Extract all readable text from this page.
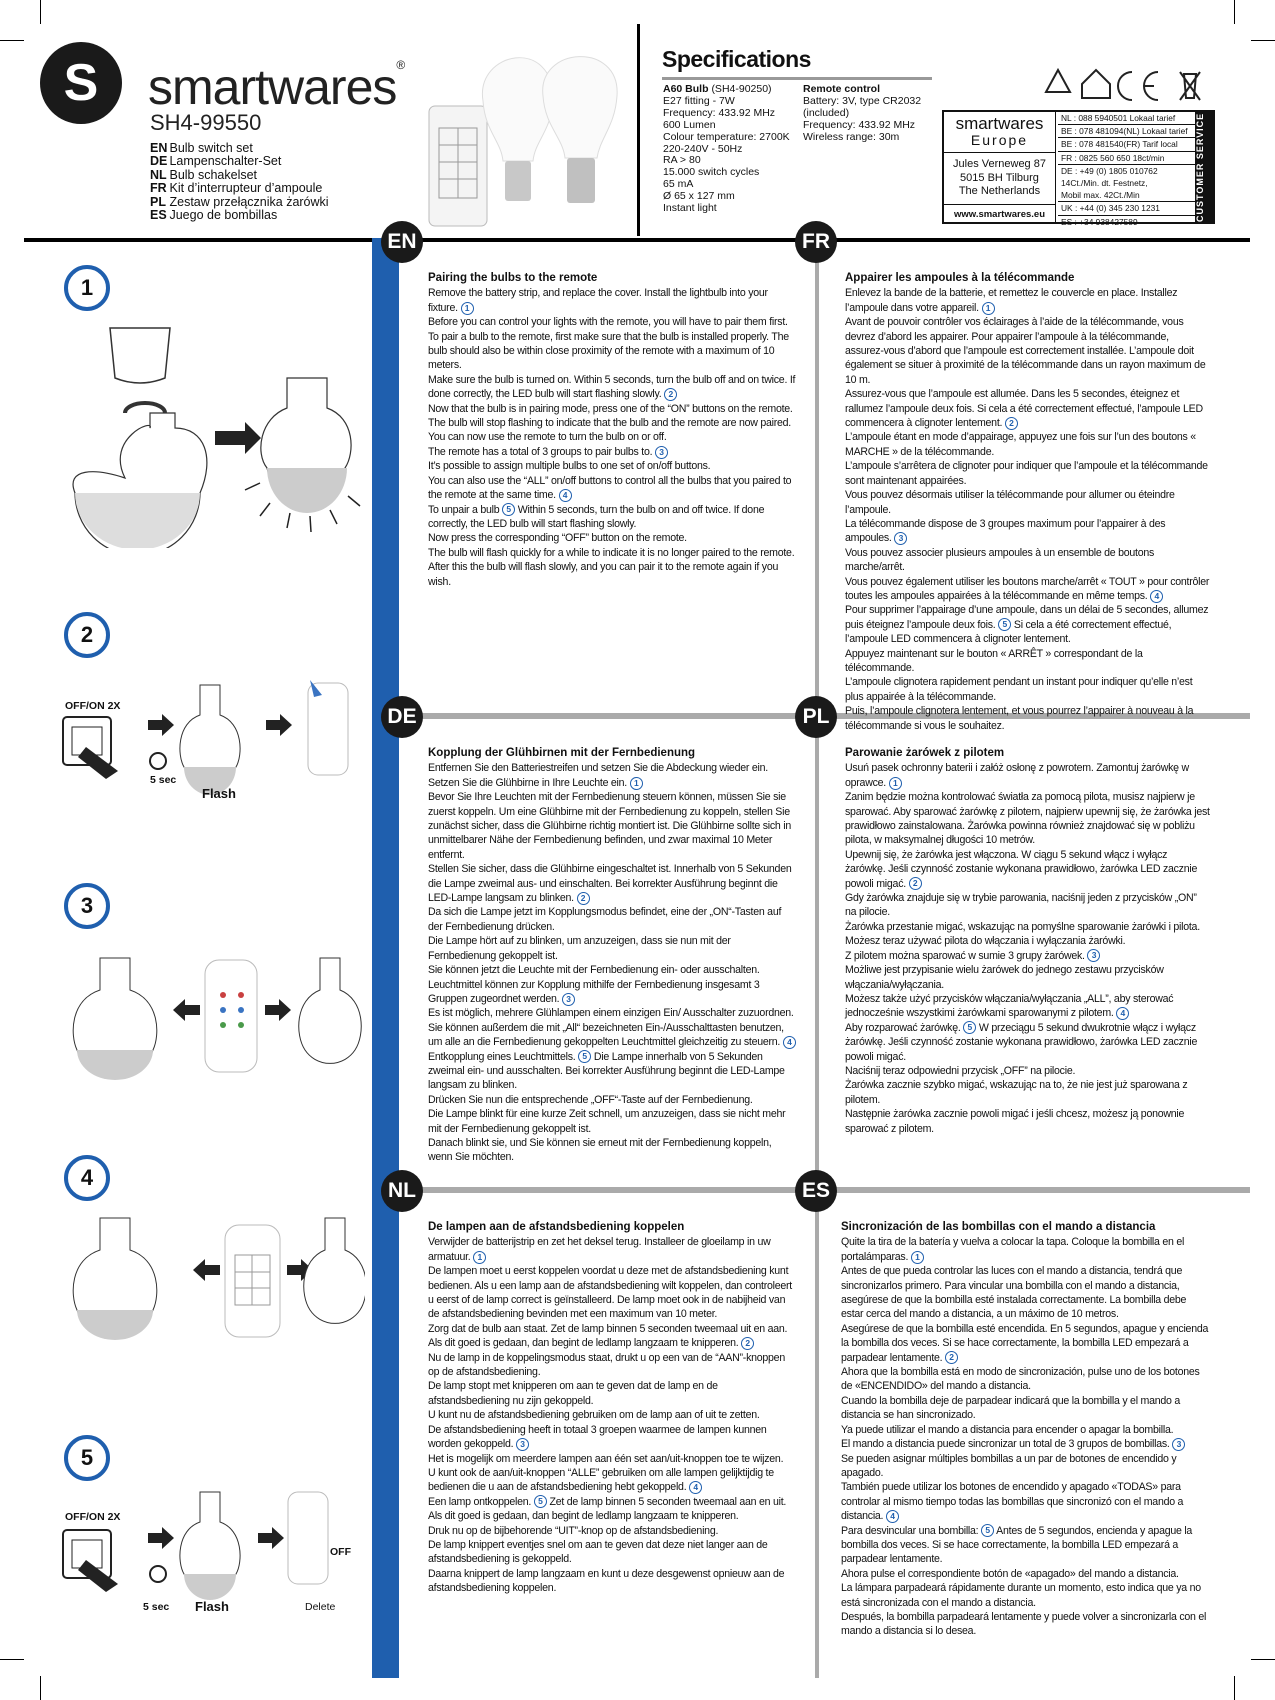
S smartwares®
SH4-99550
EN Bulb switch set
DE Lampenschalter-Set
NL Bulb schakelset
FR Kit d’interrupteur d’ampoule
PL Zestaw przełącznika żarówki
ES Juego de bombillas
Specifications
A60 Bulb (SH4-90250)
E27 fitting - 7W
Frequency: 433.92 MHz
600 Lumen
Colour temperature: 2700K
220-240V - 50Hz
RA > 80
15.000 switch cycles
65 mA
Ø 65 x 127 mm
Instant light
Remote control
Battery: 3V, type CR2032
(included)
Frequency: 433.92 MHz
Wireless range: 30m
smartwares
Europe
Jules Verneweg 87
5015 BH Tilburg
The Netherlands
www.smartwares.eu
NL : 088 5940501 Lokaal tarief
BE : 078 481094(NL) Lokaal tarief
BE : 078 481540(FR) Tarif local
FR : 0825 560 650 18ct/min
DE : +49 (0) 1805 010762
14Ct./Min. dt. Festnetz,
Mobil max. 42Ct./Min
UK : +44 (0) 345 230 1231
ES : +34 938427589
CUSTOMER SERVICE
EN	FR
DE	PL
NL	ES
Pairing the bulbs to the remote

Remove the battery strip, and replace the cover. Install the lightbulb into your fixture. 1

Before you can control your lights with the remote, you will have to pair them first. To pair a bulb to the remote, first make sure that the bulb is installed properly. The bulb should also be within close proximity of the remote with a maximum of 10 meters.

Make sure the bulb is turned on. Within 5 seconds, turn the bulb off and on twice. If done correctly, the LED bulb will start flashing slowly. 2

Now that the bulb is in pairing mode, press one of the “ON” buttons on the remote.

The bulb will stop flashing to indicate that the bulb and the remote are now paired.

You can now use the remote to turn the bulb on or off.

The remote has a total of 3 groups to pair bulbs to. 3

It’s possible to assign multiple bulbs to one set of on/off buttons.

You can also use the “ALL” on/off buttons to control all the bulbs that you paired to the remote at the same time. 4

To unpair a bulb 5 Within 5 seconds, turn the bulb on and off twice. If done correctly, the LED bulb will start flashing slowly.

Now press the corresponding “OFF” button on the remote.

The bulb will flash quickly for a while to indicate it is no longer paired to the remote.

After this the bulb will flash slowly, and you can pair it to the remote again if you wish.

Appairer les ampoules à la télécommande

Enlevez la bande de la batterie, et remettez le couvercle en place. Installez l’ampoule dans votre appareil. 1

Avant de pouvoir contrôler vos éclairages à l’aide de la télécommande, vous devrez d’abord les appairer. Pour appairer l’ampoule à la télécommande, assurez-vous d’abord que l’ampoule est correctement installée. L’ampoule doit également se situer à proximité de la télécommande dans un rayon maximum de 10 m.

Assurez-vous que l’ampoule est allumée. Dans les 5 secondes, éteignez et rallumez l’ampoule deux fois. Si cela a été correctement effectué, l’ampoule LED commencera à clignoter lentement. 2

L’ampoule étant en mode d’appairage, appuyez une fois sur l’un des boutons « MARCHE » de la télécommande.

L’ampoule s’arrêtera de clignoter pour indiquer que l’ampoule et la télécommande sont maintenant appairées.

Vous pouvez désormais utiliser la télécommande pour allumer ou éteindre l’ampoule.

La télécommande dispose de 3 groupes maximum pour l’appairer à des ampoules. 3

Vous pouvez associer plusieurs ampoules à un ensemble de boutons marche/arrêt.

Vous pouvez également utiliser les boutons marche/arrêt « TOUT » pour contrôler toutes les ampoules appairées à la télécommande en même temps. 4

Pour supprimer l’appairage d’une ampoule, dans un délai de 5 secondes, allumez puis éteignez l’ampoule deux fois. 5 Si cela a été correctement effectué, l’ampoule LED commencera à clignoter lentement.

Appuyez maintenant sur le bouton « ARRÊT » correspondant de la télécommande.

L’ampoule clignotera rapidement pendant un instant pour indiquer qu’elle n’est plus appairée à la télécommande.

Puis, l’ampoule clignotera lentement, et vous pourrez l’appairer à nouveau à la télécommande si vous le souhaitez.

Kopplung der Glühbirnen mit der Fernbedienung

Entfernen Sie den Batteriestreifen und setzen Sie die Abdeckung wieder ein. Setzen Sie die Glühbirne in Ihre Leuchte ein. 1

Bevor Sie Ihre Leuchten mit der Fernbedienung steuern können, müssen Sie sie zuerst koppeln. Um eine Glühbirne mit der Fernbedienung zu koppeln, stellen Sie zunächst sicher, dass die Glühbirne richtig montiert ist. Die Glühbirne sollte sich in unmittelbarer Nähe der Fernbedienung befinden, und zwar maximal 10 Meter entfernt.

Stellen Sie sicher, dass die Glühbirne eingeschaltet ist. Innerhalb von 5 Sekunden die Lampe zweimal aus- und einschalten. Bei korrekter Ausführung beginnt die LED-Lampe langsam zu blinken. 2

Da sich die Lampe jetzt im Kopplungsmodus befindet, eine der „ON“-Tasten auf der Fernbedienung drücken.

Die Lampe hört auf zu blinken, um anzuzeigen, dass sie nun mit der Fernbedienung gekoppelt ist.

Sie können jetzt die Leuchte mit der Fernbedienung ein- oder ausschalten.

Leuchtmittel können zur Kopplung mithilfe der Fernbedienung insgesamt 3 Gruppen zugeordnet werden. 3

Es ist möglich, mehrere Glühlampen einem einzigen Ein/ Ausschalter zuzuordnen.

Sie können außerdem die mit „All“ bezeichneten Ein-/Ausschalttasten benutzen, um alle an die Fernbedienung gekoppelten Leuchtmittel gleichzeitig zu steuern. 4

Entkopplung eines Leuchtmittels. 5 Die Lampe innerhalb von 5 Sekunden zweimal ein- und ausschalten. Bei korrekter Ausführung beginnt die LED-Lampe langsam zu blinken.

Drücken Sie nun die entsprechende „OFF“-Taste auf der Fernbedienung.

Die Lampe blinkt für eine kurze Zeit schnell, um anzuzeigen, dass sie nicht mehr mit der Fernbedienung gekoppelt ist.

Danach blinkt sie, und Sie können sie erneut mit der Fernbedienung koppeln, wenn Sie möchten.

Parowanie żarówek z pilotem

Usuń pasek ochronny baterii i załóż osłonę z powrotem. Zamontuj żarówkę w oprawce. 1

Zanim będzie można kontrolować światła za pomocą pilota, musisz najpierw je sparować. Aby sparować żarówkę z pilotem, najpierw upewnij się, że żarówka jest prawidłowo zainstalowana. Żarówka powinna również znajdować się w pobliżu pilota, w maksymalnej długości 10 metrów.

Upewnij się, że żarówka jest włączona. W ciągu 5 sekund włącz i wyłącz żarówkę. Jeśli czynność zostanie wykonana prawidłowo, żarówka LED zacznie powoli migać. 2

Gdy żarówka znajduje się w trybie parowania, naciśnij jeden z przycisków „ON” na pilocie.

Żarówka przestanie migać, wskazując na pomyślne sparowanie żarówki i pilota.

Możesz teraz używać pilota do włączania i wyłączania żarówki.

Z pilotem można sparować w sumie 3 grupy żarówek. 3

Możliwe jest przypisanie wielu żarówek do jednego zestawu przycisków włączania/wyłączania.

Możesz także użyć przycisków włączania/wyłączania „ALL”, aby sterować jednocześnie wszystkimi żarówkami sparowanymi z pilotem. 4

Aby rozparować żarówkę. 5 W przeciągu 5 sekund dwukrotnie włącz i wyłącz żarówkę. Jeśli czynność zostanie wykonana prawidłowo, żarówka LED zacznie powoli migać.

Naciśnij teraz odpowiedni przycisk „OFF” na pilocie.

Żarówka zacznie szybko migać, wskazując na to, że nie jest już sparowana z pilotem.

Następnie żarówka zacznie powoli migać i jeśli chcesz, możesz ją ponownie sparować z pilotem.

De lampen aan de afstandsbediening koppelen

Verwijder de batterijstrip en zet het deksel terug. Installeer de gloeilamp in uw armatuur. 1

De lampen moet u eerst koppelen voordat u deze met de afstandsbediening kunt bedienen. Als u een lamp aan de afstandsbediening wilt koppelen, dan controleert u eerst of de lamp correct is geïnstalleerd. De lamp moet ook in de nabijheid van de afstandsbediening bevinden met een maximum van 10 meter.

Zorg dat de bulb aan staat. Zet de lamp binnen 5 seconden tweemaal uit en aan. Als dit goed is gedaan, dan begint de ledlamp langzaam te knipperen. 2

Nu de lamp in de koppelingsmodus staat, drukt u op een van de “AAN”-knoppen op de afstandsbediening.

De lamp stopt met knipperen om aan te geven dat de lamp en de afstandsbediening nu zijn gekoppeld.

U kunt nu de afstandsbediening gebruiken om de lamp aan of uit te zetten.

De afstandsbediening heeft in totaal 3 groepen waarmee de lampen kunnen worden gekoppeld. 3

Het is mogelijk om meerdere lampen aan één set aan/uit-knoppen toe te wijzen.

U kunt ook de aan/uit-knoppen “ALLE” gebruiken om alle lampen gelijktijdig te bedienen die u aan de afstandsbediening hebt gekoppeld. 4

Een lamp ontkoppelen. 5 Zet de lamp binnen 5 seconden tweemaal aan en uit. Als dit goed is gedaan, dan begint de ledlamp langzaam te knipperen.

Druk nu op de bijbehorende “UIT”-knop op de afstandsbediening.

De lamp knippert eventjes snel om aan te geven dat deze niet langer aan de afstandsbediening is gekoppeld.

Daarna knippert de lamp langzaam en kunt u deze desgewenst opnieuw aan de afstandsbediening koppelen.

Sincronización de las bombillas con el mando a distancia

Quite la tira de la batería y vuelva a colocar la tapa. Coloque la bombilla en el portalámparas. 1

Antes de que pueda controlar las luces con el mando a distancia, tendrá que sincronizarlos primero. Para vincular una bombilla con el mando a distancia, asegúrese de que la bombilla esté instalada correctamente. La bombilla debe estar cerca del mando a distancia, a un máximo de 10 metros.

Asegúrese de que la bombilla esté encendida. En 5 segundos, apague y encienda la bombilla dos veces. Si se hace correctamente, la bombilla LED empezará a parpadear lentamente. 2

Ahora que la bombilla está en modo de sincronización, pulse uno de los botones de «ENCENDIDO» del mando a distancia.

Cuando la bombilla deje de parpadear indicará que la bombilla y el mando a distancia se han sincronizado.

Ya puede utilizar el mando a distancia para encender o apagar la bombilla.

El mando a distancia puede sincronizar un total de 3 grupos de bombillas. 3

Se pueden asignar múltiples bombillas a un par de botones de encendido y apagado.

También puede utilizar los botones de encendido y apagado «TODAS» para controlar al mismo tiempo todas las bombillas que sincronizó con el mando a distancia. 4

Para desvincular una bombilla: 5 Antes de 5 segundos, encienda y apague la bombilla dos veces. Si se hace correctamente, la bombilla LED empezará a parpadear lentamente.

Ahora pulse el correspondiente botón de «apagado» del mando a distancia.

La lámpara parpadeará rápidamente durante un momento, esto indica que ya no está sincronizada con el mando a distancia.

Después, la bombilla parpadeará lentamente y puede volver a sincronizarla con el mando a distancia si lo desea.

1
2
OFF/ON 2X
5 sec
Flash
3
4
5
OFF/ON 2X
5 sec Flash
OFF
Delete
